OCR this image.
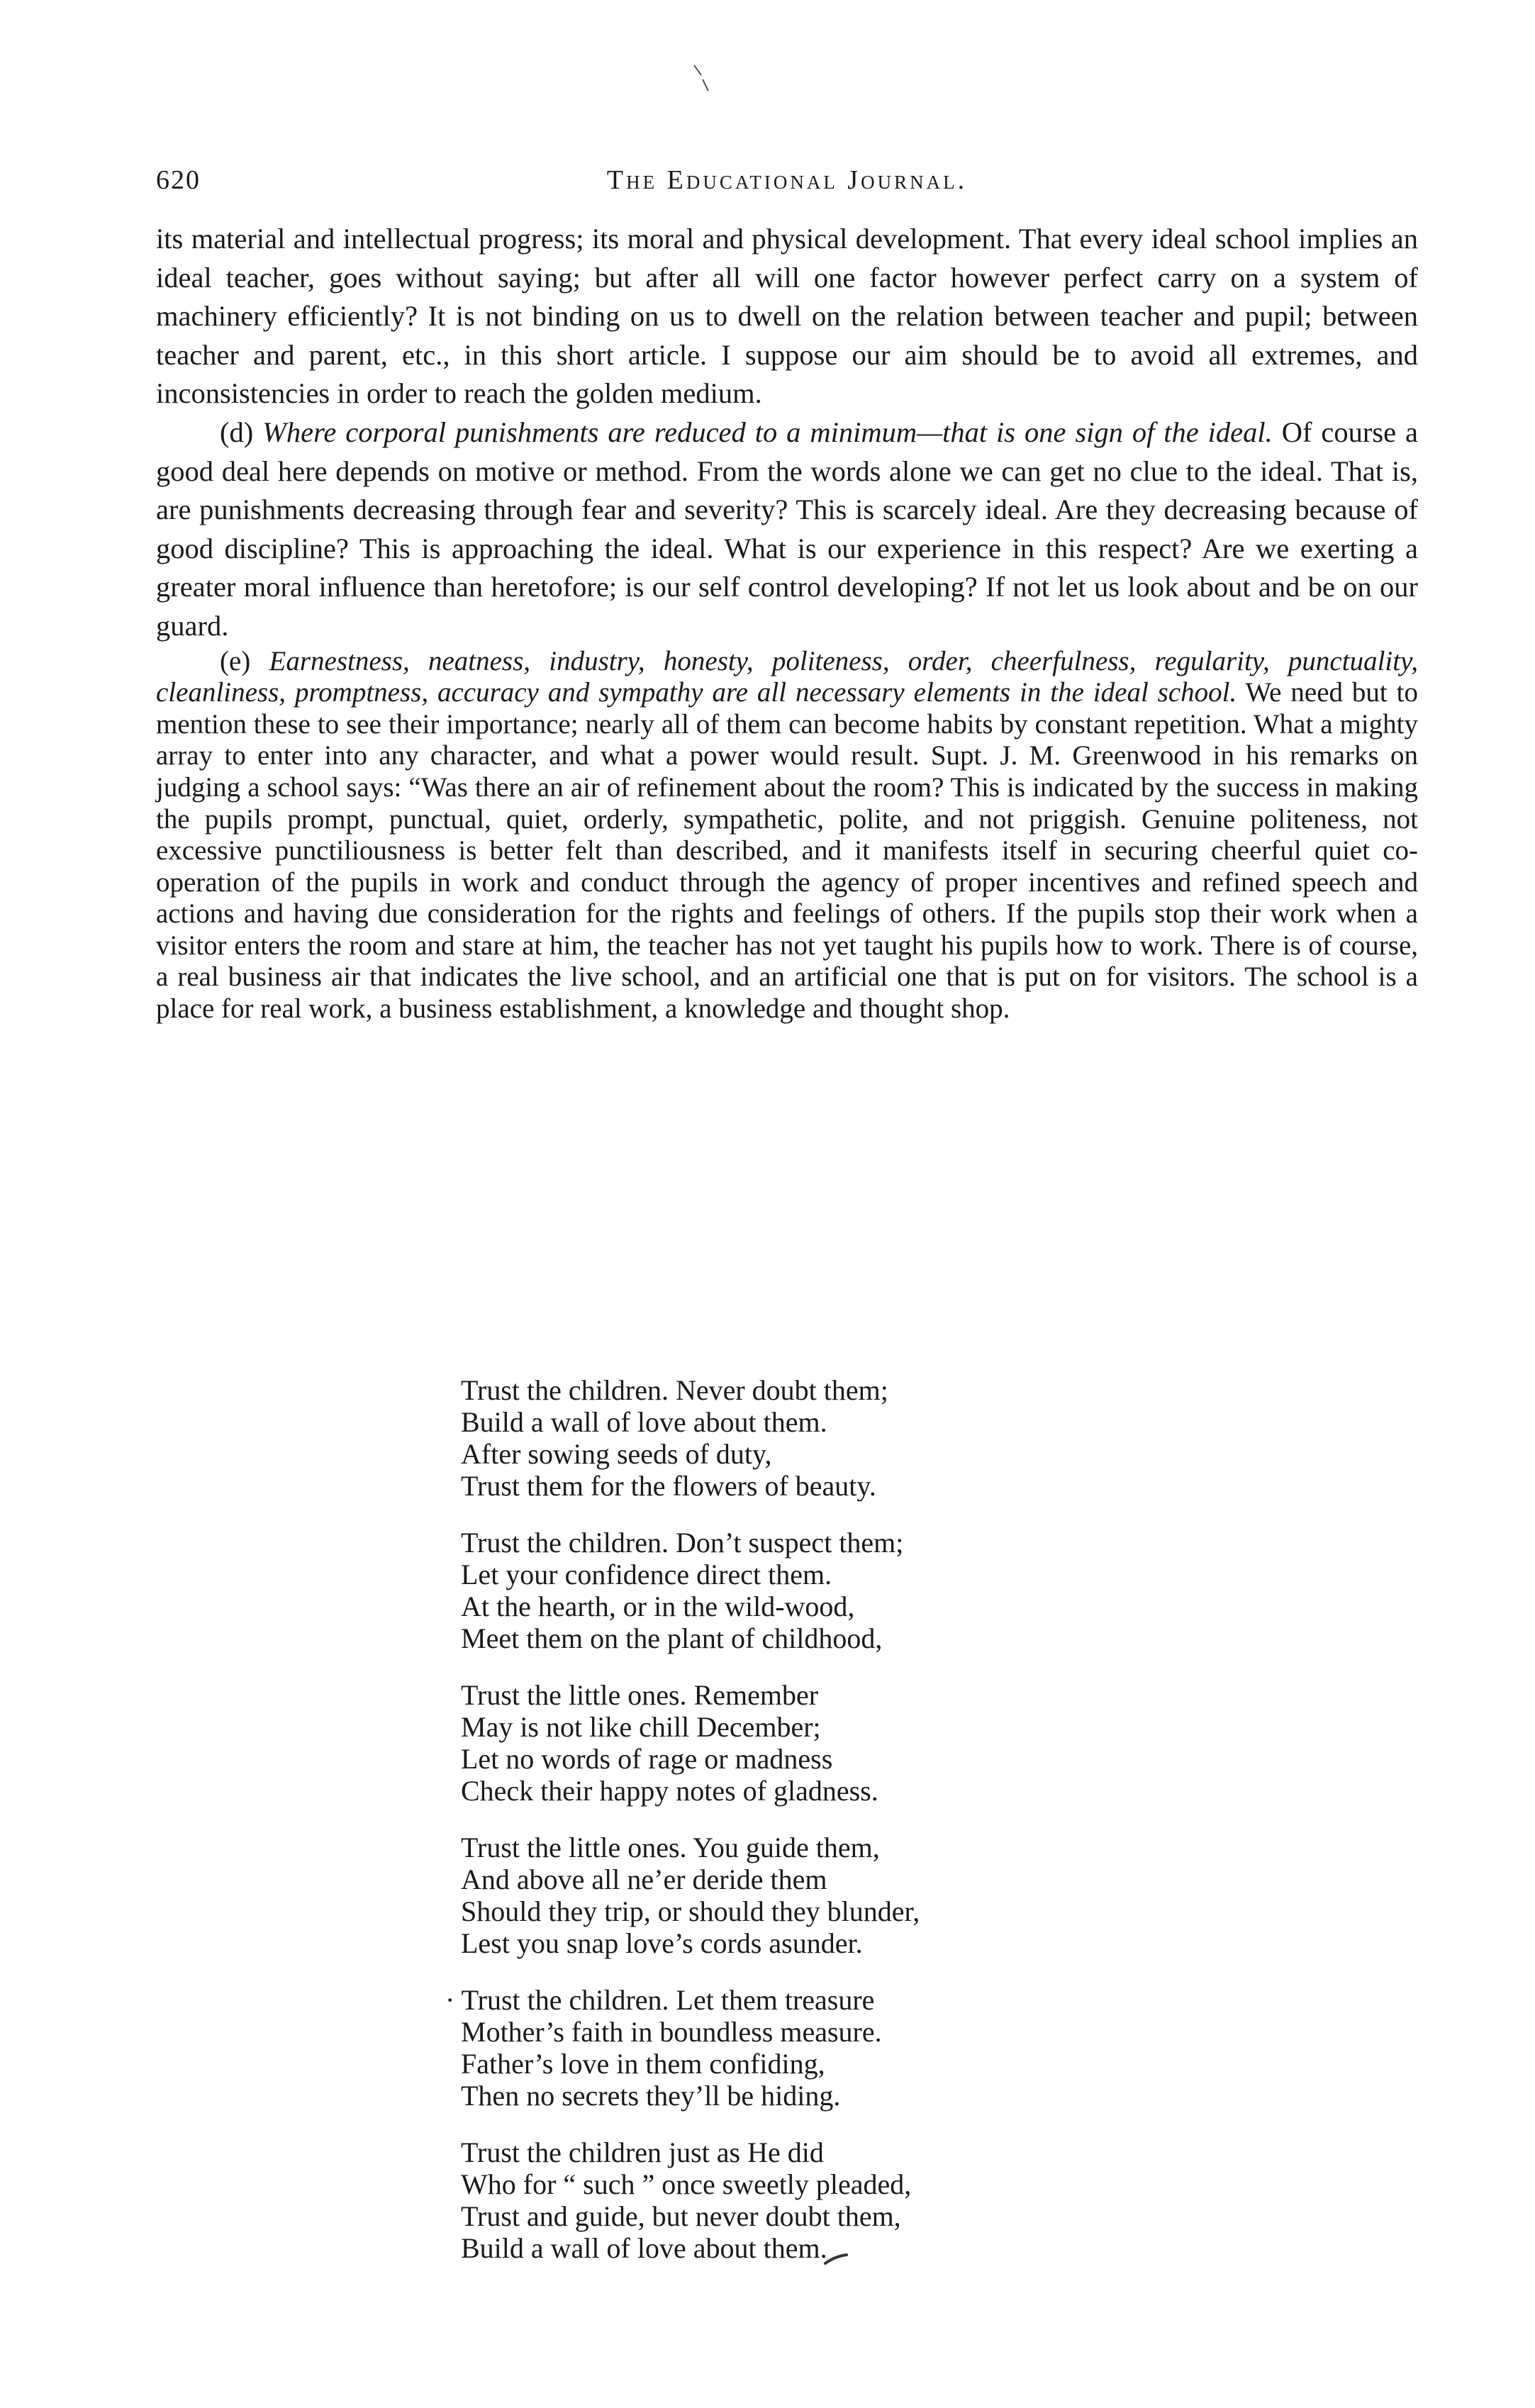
620	The Educational Journal.

its material and intellectual progress; its moral and physical development. That every ideal school implies an ideal teacher, goes without saying; but after all will one factor however perfect carry on a system of machinery efficiently? It is not binding on us to dwell on the relation between teacher and pupil; between teacher and parent, etc., in this short article. I suppose our aim should be to avoid all extremes, and inconsistencies in order to reach the golden medium.

(d) Where corporal punishments are reduced to a minimum—that is one sign of the ideal. Of course a good deal here depends on motive or method. From the words alone we can get no clue to the ideal. That is, are punishments decreasing through fear and severity? This is scarcely ideal. Are they decreasing because of good discipline? This is approaching the ideal. What is our experience in this respect? Are we exerting a greater moral influence than heretofore; is our self control developing? If not let us look about and be on our guard.

(e) Earnestness, neatness, industry, honesty, politeness, order, cheerfulness, regularity, punctuality, cleanliness, promptness, accuracy and sympathy are all necessary elements in the ideal school. We need but to mention these to see their importance; nearly all of them can become habits by constant repetition. What a mighty array to enter into any character, and what a power would result. Supt. J. M. Greenwood in his remarks on judging a school says: “Was there an air of refinement about the room? This is indicated by the success in making the pupils prompt, punctual, quiet, orderly, sympathetic, polite, and not priggish. Genuine politeness, not excessive punctiliousness is better felt than described, and it manifests itself in securing cheerful quiet co-operation of the pupils in work and conduct through the agency of proper incentives and refined speech and actions and having due consideration for the rights and feelings of others. If the pupils stop their work when a visitor enters the room and stare at him, the teacher has not yet taught his pupils how to work. There is of course, a real business air that indicates the live school, and an artificial one that is put on for visitors. The school is a place for real work, a business establishment, a knowledge and thought shop.

Trust the children. Never doubt them;
Build a wall of love about them.
After sowing seeds of duty,
Trust them for the flowers of beauty.
Trust the children. Don’t suspect them;
Let your confidence direct them.
At the hearth, or in the wild-wood,
Meet them on the plant of childhood,
Trust the little ones. Remember
May is not like chill December;
Let no words of rage or madness
Check their happy notes of gladness.
Trust the little ones. You guide them,
And above all ne’er deride them
Should they trip, or should they blunder,
Lest you snap love’s cords asunder.
· Trust the children. Let them treasure
Mother’s faith in boundless measure.
Father’s love in them confiding,
Then no secrets they’ll be hiding.
Trust the children just as He did
Who for “ such ” once sweetly pleaded,
Trust and guide, but never doubt them,
Build a wall of love about them.
